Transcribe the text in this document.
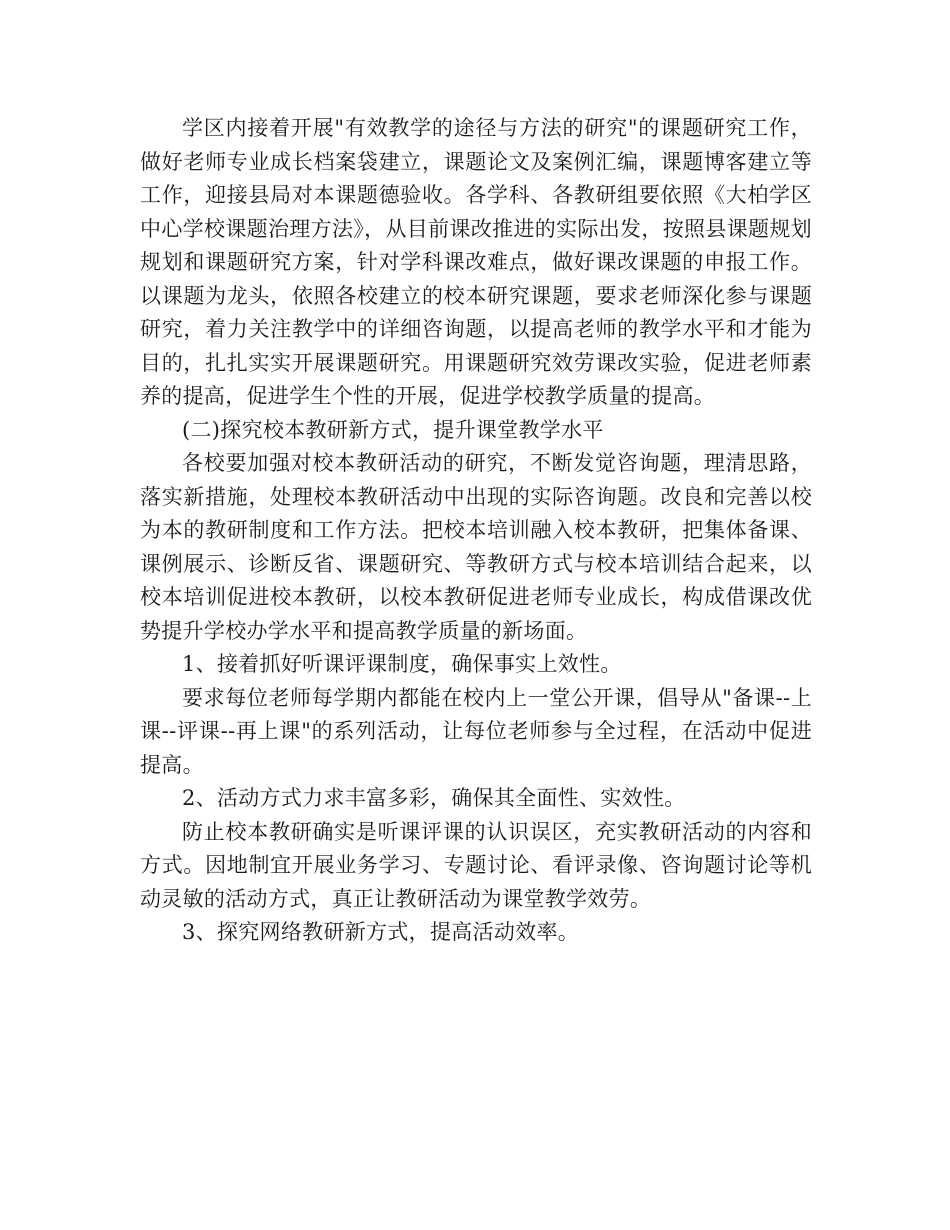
学区内接着开展"有效教学的途径与方法的研究"的课题研究工作，做好老师专业成长档案袋建立，课题论文及案例汇编，课题博客建立等工作，迎接县局对本课题德验收。各学科、各教研组要依照《大柏学区中心学校课题治理方法》，从目前课改推进的实际出发，按照县课题规划规划和课题研究方案，针对学科课改难点，做好课改课题的申报工作。以课题为龙头，依照各校建立的校本研究课题，要求老师深化参与课题研究，着力关注教学中的详细咨询题，以提高老师的教学水平和才能为目的，扎扎实实开展课题研究。用课题研究效劳课改实验，促进老师素养的提高，促进学生个性的开展，促进学校教学质量的提高。

(二)探究校本教研新方式，提升课堂教学水平

各校要加强对校本教研活动的研究，不断发觉咨询题，理清思路，落实新措施，处理校本教研活动中出现的实际咨询题。改良和完善以校为本的教研制度和工作方法。把校本培训融入校本教研，把集体备课、课例展示、诊断反省、课题研究、等教研方式与校本培训结合起来，以校本培训促进校本教研，以校本教研促进老师专业成长，构成借课改优势提升学校办学水平和提高教学质量的新场面。

1、接着抓好听课评课制度，确保事实上效性。

要求每位老师每学期内都能在校内上一堂公开课，倡导从"备课--上课--评课--再上课"的系列活动，让每位老师参与全过程，在活动中促进提高。

2、活动方式力求丰富多彩，确保其全面性、实效性。

防止校本教研确实是听课评课的认识误区，充实教研活动的内容和方式。因地制宜开展业务学习、专题讨论、看评录像、咨询题讨论等机动灵敏的活动方式，真正让教研活动为课堂教学效劳。

3、探究网络教研新方式，提高活动效率。
